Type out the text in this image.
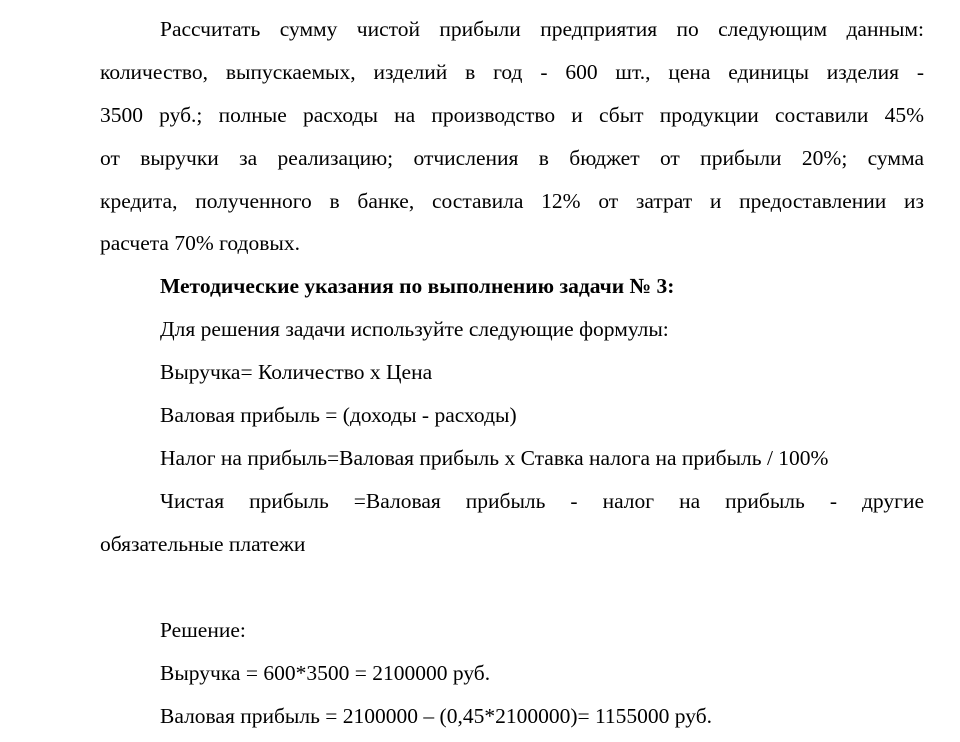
Рассчитать сумму чистой прибыли предприятия по следующим данным:
количество, выпускаемых, изделий в год - 600 шт., цена единицы изделия -
3500 руб.; полные расходы на производство и сбыт продукции составили 45%
от выручки за реализацию; отчисления в бюджет от прибыли 20%; сумма
кредита, полученного в банке, составила 12% от затрат и предоставлении из
расчета 70% годовых.
Методические указания по выполнению задачи № 3:
Для решения задачи используйте следующие формулы:
Выручка= Количество х Цена
Валовая прибыль = (доходы - расходы)
Налог на прибыль=Валовая прибыль х Ставка налога на прибыль / 100%
Чистая прибыль =Валовая прибыль - налог на прибыль - другие
обязательные платежи
Решение:
Выручка = 600*3500 = 2100000 руб.
Валовая прибыль = 2100000 – (0,45*2100000)= 1155000 руб.
